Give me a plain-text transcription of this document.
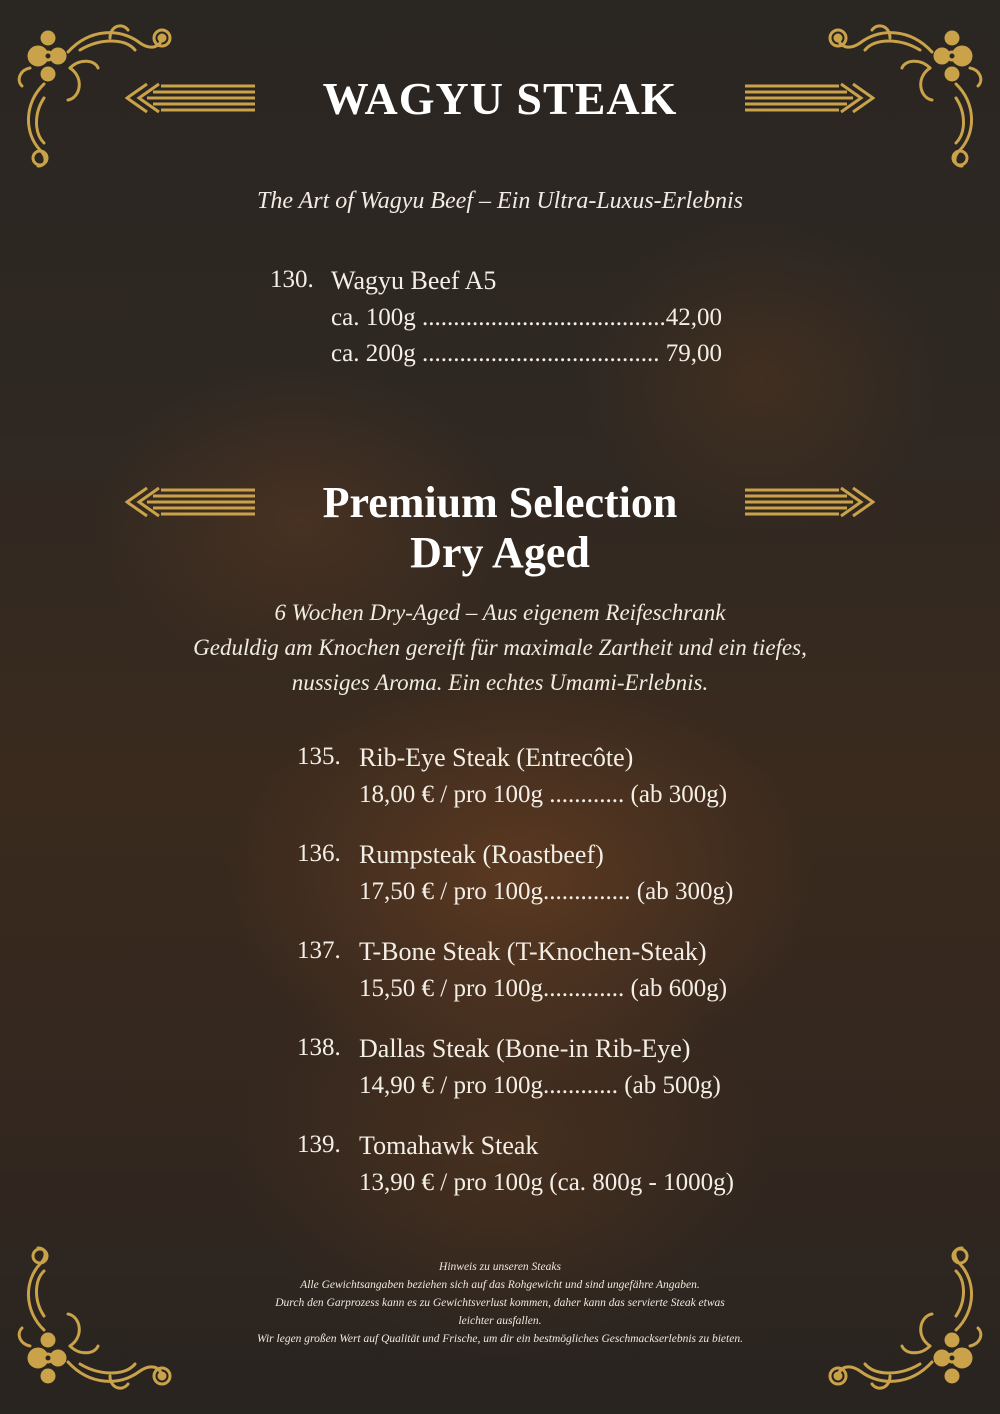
WAGYU STEAK
The Art of Wagyu Beef – Ein Ultra-Luxus-Erlebnis
130. Wagyu Beef A5
ca. 100g .......................................42,00
ca. 200g ...................................... 79,00
Premium Selection
Dry Aged
6 Wochen Dry-Aged – Aus eigenem Reifeschrank
Geduldig am Knochen gereift für maximale Zartheit und ein tiefes,
nussiges Aroma. Ein echtes Umami-Erlebnis.
135. Rib-Eye Steak (Entrecôte)
18,00 € / pro 100g ............ (ab 300g)
136. Rumpsteak (Roastbeef)
17,50 € / pro 100g.............. (ab 300g)
137. T-Bone Steak (T-Knochen-Steak)
15,50 € / pro 100g............. (ab 600g)
138. Dallas Steak (Bone-in Rib-Eye)
14,90 € / pro 100g............ (ab 500g)
139. Tomahawk Steak
13,90 € / pro 100g (ca. 800g - 1000g)
Hinweis zu unseren Steaks
Alle Gewichtsangaben beziehen sich auf das Rohgewicht und sind ungefähre Angaben.
Durch den Garprozess kann es zu Gewichtsverlust kommen, daher kann das servierte Steak etwas
leichter ausfallen.
Wir legen großen Wert auf Qualität und Frische, um dir ein bestmögliches Geschmackserlebnis zu bieten.
